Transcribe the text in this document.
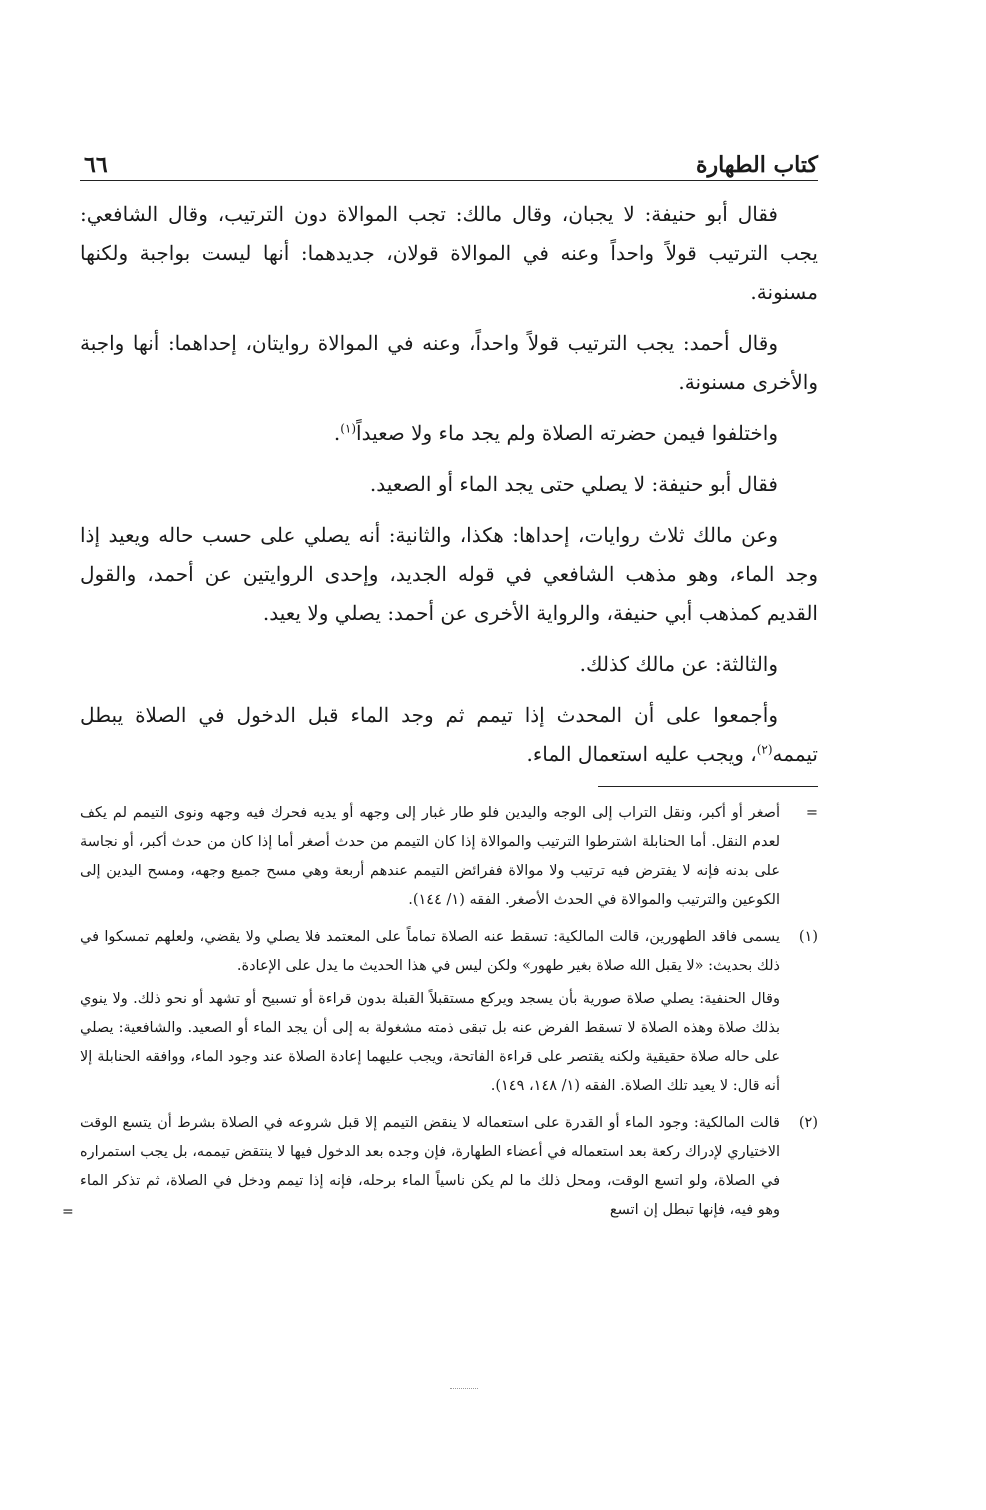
كتاب الطهارة
٦٦

فقال أبو حنيفة: لا يجبان، وقال مالك: تجب الموالاة دون الترتيب، وقال الشافعي: يجب الترتيب قولاً واحداً وعنه في الموالاة قولان، جديدهما: أنها ليست بواجبة ولكنها مسنونة.

وقال أحمد: يجب الترتيب قولاً واحداً، وعنه في الموالاة روايتان، إحداهما: أنها واجبة والأخرى مسنونة.

واختلفوا فيمن حضرته الصلاة ولم يجد ماء ولا صعيداً$^{(١)}$.

فقال أبو حنيفة: لا يصلي حتى يجد الماء أو الصعيد.

وعن مالك ثلاث روايات، إحداها: هكذا، والثانية: أنه يصلي على حسب حاله ويعيد إذا وجد الماء، وهو مذهب الشافعي في قوله الجديد، وإحدى الروايتين عن أحمد، والقول القديم كمذهب أبي حنيفة، والرواية الأخرى عن أحمد: يصلي ولا يعيد.

والثالثة: عن مالك كذلك.

وأجمعوا على أن المحدث إذا تيمم ثم وجد الماء قبل الدخول في الصلاة يبطل تيممه$^{(٢)}$، ويجب عليه استعمال الماء.

=

أصغر أو أكبر، ونقل التراب إلى الوجه واليدين فلو طار غبار إلى وجهه أو يديه فحرك فيه وجهه ونوى التيمم لم يكف لعدم النقل. أما الحنابلة اشترطوا الترتيب والموالاة إذا كان التيمم من حدث أصغر أما إذا كان من حدث أكبر، أو نجاسة على بدنه فإنه لا يفترض فيه ترتيب ولا موالاة ففرائض التيمم عندهم أربعة وهي مسح جميع وجهه، ومسح اليدين إلى الكوعين والترتيب والموالاة في الحدث الأصغر. الفقه (١/ ١٤٤).

(١)

يسمى فاقد الطهورين، قالت المالكية: تسقط عنه الصلاة تماماً على المعتمد فلا يصلي ولا يقضي، ولعلهم تمسكوا في ذلك بحديث: «لا يقبل الله صلاة بغير طهور» ولكن ليس في هذا الحديث ما يدل على الإعادة.

وقال الحنفية: يصلي صلاة صورية بأن يسجد ويركع مستقبلاً القبلة بدون قراءة أو تسبيح أو تشهد أو نحو ذلك. ولا ينوي بذلك صلاة وهذه الصلاة لا تسقط الفرض عنه بل تبقى ذمته مشغولة به إلى أن يجد الماء أو الصعيد. والشافعية: يصلي على حاله صلاة حقيقية ولكنه يقتصر على قراءة الفاتحة، ويجب عليهما إعادة الصلاة عند وجود الماء، ووافقه الحنابلة إلا أنه قال: لا يعيد تلك الصلاة. الفقه (١/ ١٤٨، ١٤٩).

(٢)

قالت المالكية: وجود الماء أو القدرة على استعماله لا ينقض التيمم إلا قبل شروعه في الصلاة بشرط أن يتسع الوقت الاختياري لإدراك ركعة بعد استعماله في أعضاء الطهارة، فإن وجده بعد الدخول فيها لا ينتقض تيممه، بل يجب استمراره في الصلاة، ولو اتسع الوقت، ومحل ذلك ما لم يكن ناسياً الماء برحله، فإنه إذا تيمم ودخل في الصلاة، ثم تذكر الماء وهو فيه، فإنها تبطل إن اتسع

=
